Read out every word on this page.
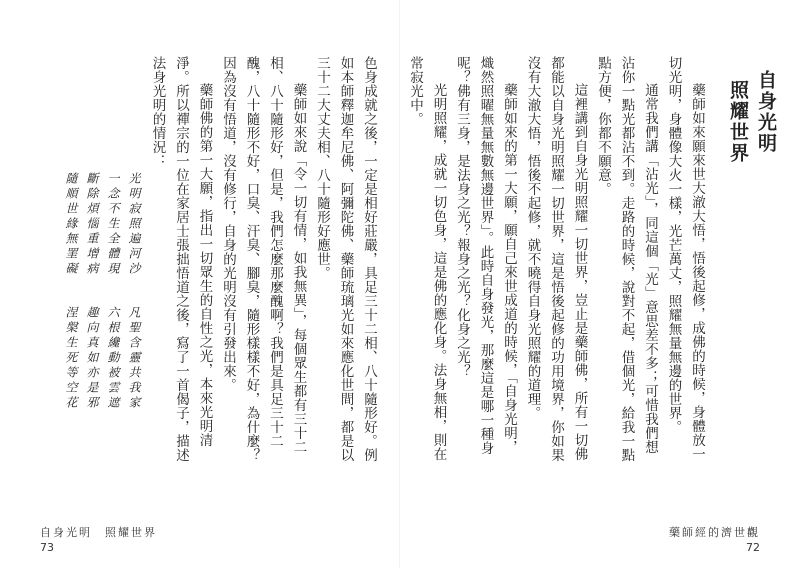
色身成就之後，一定是相好莊嚴，具足三十二相、八十隨形好。例如本師釋迦牟尼佛、阿彌陀佛、藥師琉璃光如來應化世間，都是以三十二大丈夫相、八十隨形好應世。

藥師如來說「令一切有情，如我無異」，每個眾生都有三十二相、八十隨形好，但是，我們怎麼那麼醜啊？我們是具足三十二醜，八十隨形不好，口臭、汗臭、腳臭，隨形樣樣不好，為什麼？因為沒有悟道，沒有修行，自身的光明沒有引發出來。

藥師佛的第一大願，指出一切眾生的自性之光，本來光明清淨。所以禪宗的一位在家居士張拙悟道之後，寫了一首偈子，描述法身光明的情況：

光明寂照遍河沙　凡聖含靈共我家
一念不生全體現　六根纔動被雲遮
斷除煩惱重增病　趣向真如亦是邪
隨順世緣無罣礙　涅槃生死等空花
自身光明　照耀世界
73
自身光明
照耀世界

藥師如來願來世大澈大悟，悟後起修，成佛的時候，身體放一切光明，身體像大火一樣，光芒萬丈，照耀無量無邊的世界。

通常我們講「沾光」，同這個「光」意思差不多；可惜我們想沾你一點光都沾不到。走路的時候，說對不起，借個光，給我一點點方便，你都不願意。

這裡講到自身光明照耀一切世界，豈止是藥師佛，所有一切佛都能以自身光明照耀一切世界，這是悟後起修的功用境界，你如果沒有大澈大悟，悟後不起修，就不曉得自身光照耀的道理。

藥師如來的第一大願，願自己來世成道的時候，「自身光明，熾然照曜無量無數無邊世界」。此時自身發光，那麼這是哪一種身呢？佛有三身，是法身之光？報身之光？化身之光？

光明照耀，成就一切色身，這是佛的應化身。法身無相，則在常寂光中。

藥師經的濟世觀
72
